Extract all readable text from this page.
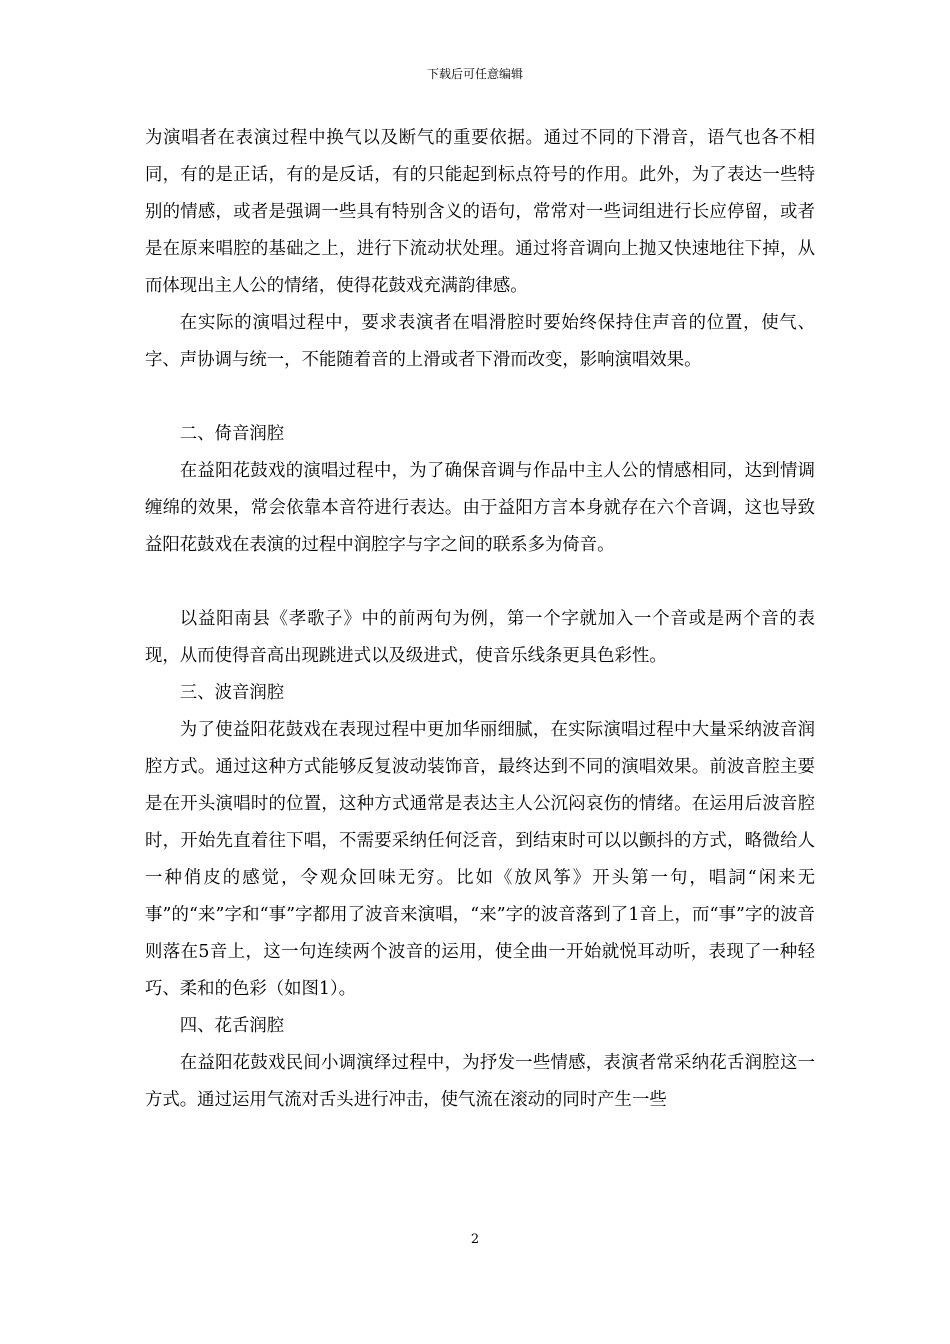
下载后可任意编辑

为演唱者在表演过程中换气以及断气的重要依据。通过不同的下滑音，语气也各不相同，有的是正话，有的是反话，有的只能起到标点符号的作用。此外，为了表达一些特别的情感，或者是强调一些具有特别含义的语句，常常对一些词组进行长应停留，或者是在原来唱腔的基础之上，进行下流动状处理。通过将音调向上抛又快速地往下掉，从而体现出主人公的情绪，使得花鼓戏充满韵律感。

在实际的演唱过程中，要求表演者在唱滑腔时要始终保持住声音的位置，使气、字、声协调与统一，不能随着音的上滑或者下滑而改变，影响演唱效果。

二、倚音润腔

在益阳花鼓戏的演唱过程中，为了确保音调与作品中主人公的情感相同，达到情调缠绵的效果，常会依靠本音符进行表达。由于益阳方言本身就存在六个音调，这也导致益阳花鼓戏在表演的过程中润腔字与字之间的联系多为倚音。

以益阳南县《孝歌子》中的前两句为例，第一个字就加入一个音或是两个音的表现，从而使得音高出现跳进式以及级进式，使音乐线条更具色彩性。

三、波音润腔

为了使益阳花鼓戏在表现过程中更加华丽细腻，在实际演唱过程中大量采纳波音润腔方式。通过这种方式能够反复波动装饰音，最终达到不同的演唱效果。前波音腔主要是在开头演唱时的位置，这种方式通常是表达主人公沉闷哀伤的情绪。在运用后波音腔时，开始先直着往下唱，不需要采纳任何泛音，到结束时可以以颤抖的方式，略微给人一种俏皮的感觉，令观众回味无穷。比如《放风筝》开头第一句，唱詞“闲来无事”的“来”字和“事”字都用了波音来演唱，“来”字的波音落到了1音上，而“事”字的波音则落在5音上，这一句连续两个波音的运用，使全曲一开始就悦耳动听，表现了一种轻巧、柔和的色彩（如图1）。

四、花舌润腔

在益阳花鼓戏民间小调演绎过程中，为抒发一些情感，表演者常采纳花舌润腔这一方式。通过运用气流对舌头进行冲击，使气流在滚动的同时产生一些

2
